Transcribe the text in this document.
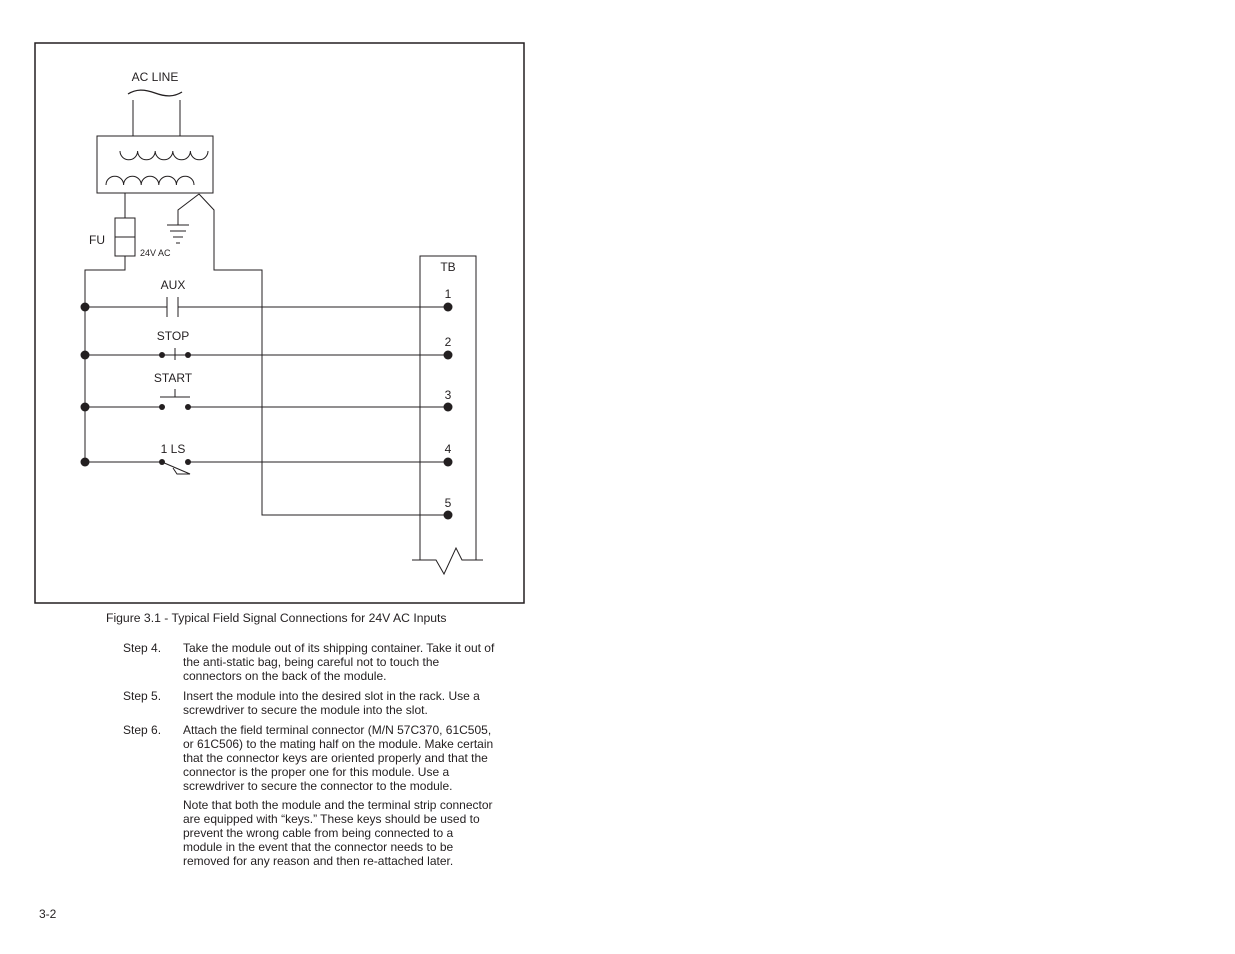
AC LINE
FU
24V AC
TB
AUX
1
STOP	2
START
3
1 LS	4
5
Figure 3.1 - Typical Field Signal Connections for 24V AC Inputs
Step 4.	Take the module out of its shipping container. Take it out of
the anti-static bag, being careful not to touch the
connectors on the back of the module.
Step 5.	Insert the module into the desired slot in the rack. Use a
screwdriver to secure the module into the slot.
Step 6.	Attach the field terminal connector (M/N 57C370, 61C505,
or 61C506) to the mating half on the module. Make certain
that the connector keys are oriented properly and that the
connector is the proper one for this module. Use a
screwdriver to secure the connector to the module.
Note that both the module and the terminal strip connector
are equipped with “keys.” These keys should be used to
prevent the wrong cable from being connected to a
module in the event that the connector needs to be
removed for any reason and then re-attached later.
3-2
